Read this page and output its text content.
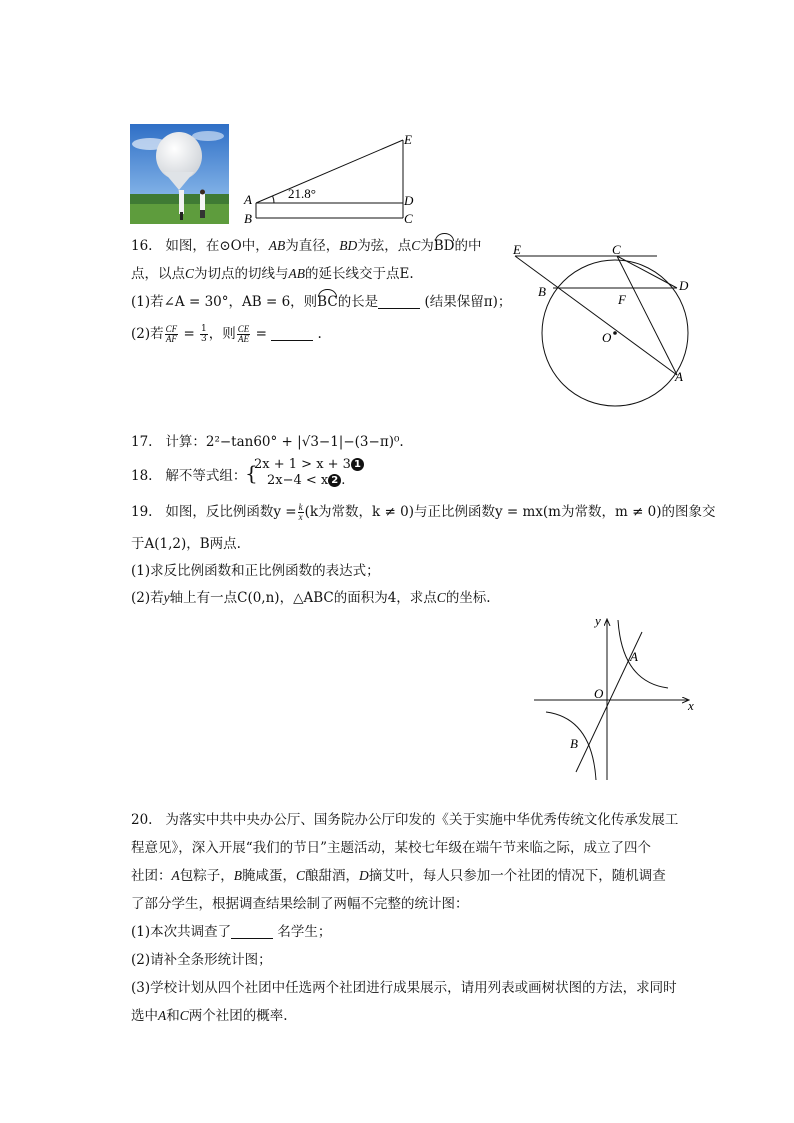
E
A	D
B	C
21.8°
16. 如图，在⊙O中，AB为直径，BD为弦，点C为BD的中
点，以点C为切点的切线与AB的延长线交于点E.
(1)若∠A = 30°，AB = 6，则BC的长是	(结果保留π)；
(2)若 $\frac{CF}{AF} = \frac{1}{3}$ ，则 $\frac{CE}{AE}$ =	.
E	C
D
B
F
O
A
17. 计算：2²−tan60° + |√3−1|−(3−π)⁰.
18. 解不等式组：
{
2x + 1 > x + 3 1
2x−4 < x 2 .
19. 如图，反比例函数$y = \frac{k}{x} (k$为常数，k ≠ 0)与正比例函数y = mx(m为常数，m ≠ 0)的图象交
于A(1,2)，B两点.
(1)求反比例函数和正比例函数的表达式；
(2)若y轴上有一点C(0,n)，△ABC的面积为4，求点C的坐标.
y
x
O
A
B
20. 为落实中共中央办公厅、国务院办公厅印发的《关于实施中华优秀传统文化传承发展工
程意见》，深入开展“我们的节日”主题活动，某校七年级在端午节来临之际，成立了四个
社团：A包粽子，B腌咸蛋，C酿甜酒，D摘艾叶，每人只参加一个社团的情况下，随机调查
了部分学生，根据调查结果绘制了两幅不完整的统计图：
(1)本次共调查了	名学生；
(2)请补全条形统计图；
(3)学校计划从四个社团中任选两个社团进行成果展示，请用列表或画树状图的方法，求同时
选中A和C两个社团的概率.
